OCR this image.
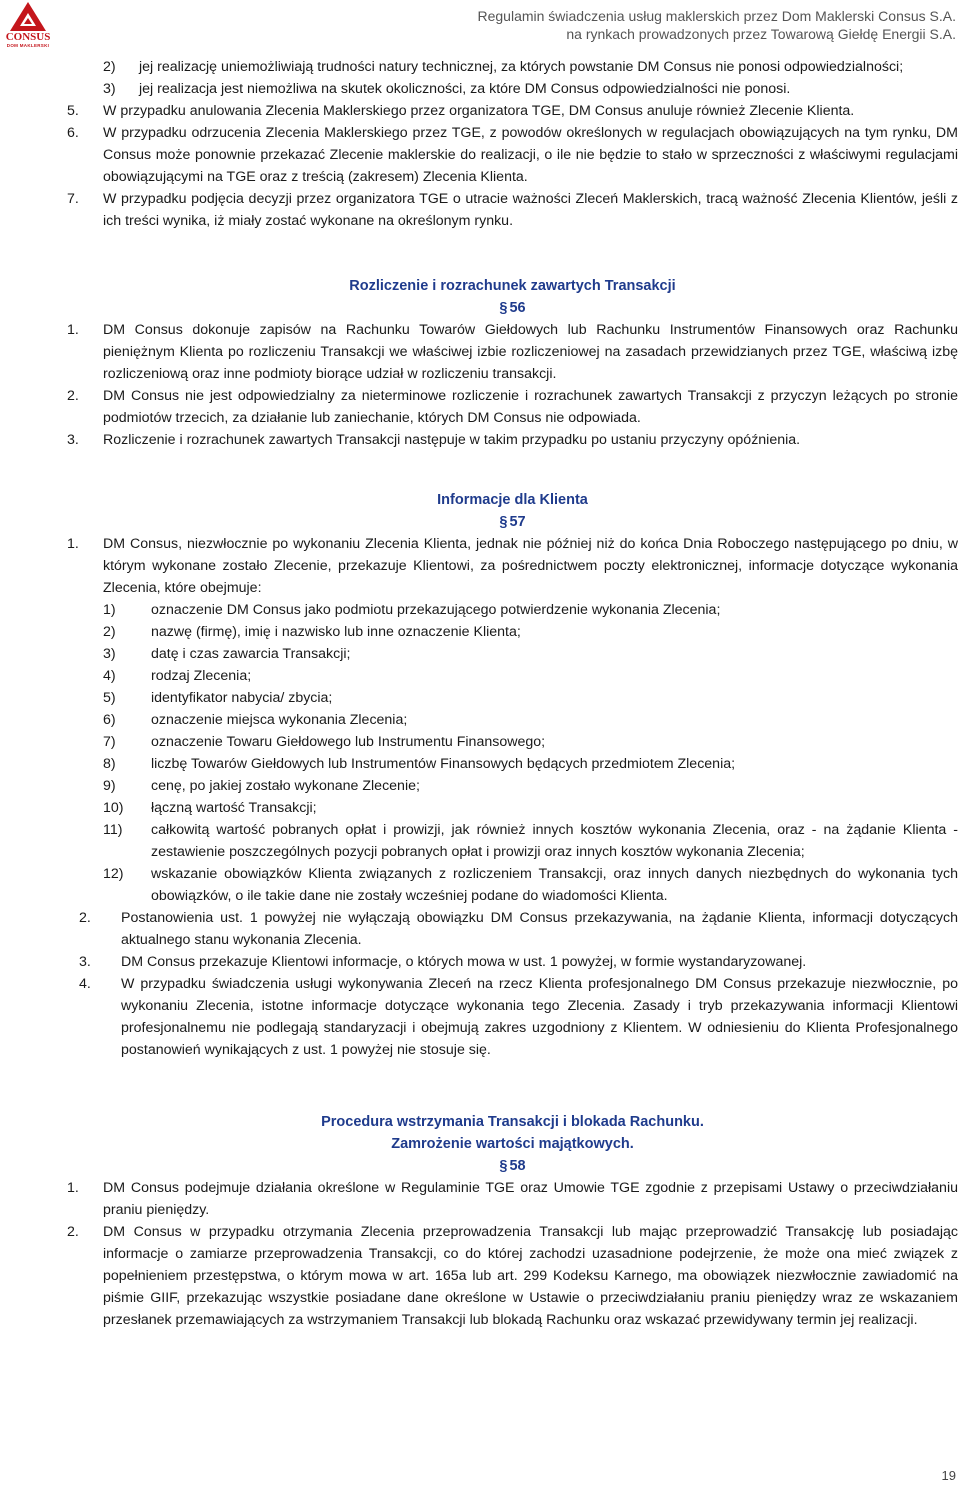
CONSUS
DOM MAKLERSKI
Regulamin świadczenia usług maklerskich przez Dom Maklerski Consus S.A.
na rynkach prowadzonych przez Towarową Giełdę Energii S.A.
2)	jej realizację uniemożliwiają trudności natury technicznej, za których powstanie DM Consus nie ponosi odpowiedzialności;
3)	jej realizacja jest niemożliwa na skutek okoliczności, za które DM Consus odpowiedzialności nie ponosi.
5.	W przypadku anulowania Zlecenia Maklerskiego przez organizatora TGE, DM Consus anuluje również Zlecenie Klienta.
6.	W przypadku odrzucenia Zlecenia Maklerskiego przez TGE, z powodów określonych w regulacjach obowiązujących na tym rynku, DM Consus może ponownie przekazać Zlecenie maklerskie do realizacji, o ile nie będzie to stało w sprzeczności z właściwymi regulacjami obowiązującymi na TGE oraz z treścią (zakresem) Zlecenia Klienta.
7.	W przypadku podjęcia decyzji przez organizatora TGE o utracie ważności Zleceń Maklerskich, tracą ważność Zlecenia Klientów, jeśli z ich treści wynika, iż miały zostać wykonane na określonym rynku.
Rozliczenie i rozrachunek zawartych Transakcji
§ 56
1.	DM Consus dokonuje zapisów na Rachunku Towarów Giełdowych lub Rachunku Instrumentów Finansowych oraz Rachunku pieniężnym Klienta po rozliczeniu Transakcji we właściwej izbie rozliczeniowej na zasadach przewidzianych przez TGE, właściwą izbę rozliczeniową oraz inne podmioty biorące udział w rozliczeniu transakcji.
2.	DM Consus nie jest odpowiedzialny za nieterminowe rozliczenie i rozrachunek zawartych Transakcji z przyczyn leżących po stronie podmiotów trzecich, za działanie lub zaniechanie, których DM Consus nie odpowiada.
3.	Rozliczenie i rozrachunek zawartych Transakcji następuje w takim przypadku po ustaniu przyczyny opóźnienia.
Informacje dla Klienta
§ 57
1.	DM Consus, niezwłocznie po wykonaniu Zlecenia Klienta, jednak nie później niż do końca Dnia Roboczego następującego po dniu, w którym wykonane zostało Zlecenie, przekazuje Klientowi, za pośrednictwem poczty elektronicznej, informacje dotyczące wykonania Zlecenia, które obejmuje:

1)	oznaczenie DM Consus jako podmiotu przekazującego potwierdzenie wykonania Zlecenia;
2)	nazwę (firmę), imię i nazwisko lub inne oznaczenie Klienta;
3)	datę i czas zawarcia Transakcji;
4)	rodzaj Zlecenia;
5)	identyfikator nabycia/ zbycia;
6)	oznaczenie miejsca wykonania Zlecenia;
7)	oznaczenie Towaru Giełdowego lub Instrumentu Finansowego;
8)	liczbę Towarów Giełdowych lub Instrumentów Finansowych będących przedmiotem Zlecenia;
9)	cenę, po jakiej zostało wykonane Zlecenie;
10)	łączną wartość Transakcji;
11)	całkowitą wartość pobranych opłat i prowizji, jak również innych kosztów wykonania Zlecenia, oraz - na żądanie Klienta - zestawienie poszczególnych pozycji pobranych opłat i prowizji oraz innych kosztów wykonania Zlecenia;
12)	wskazanie obowiązków Klienta związanych z rozliczeniem Transakcji, oraz innych danych niezbędnych do wykonania tych obowiązków, o ile takie dane nie zostały wcześniej podane do wiadomości Klienta.
2.	Postanowienia ust. 1 powyżej nie wyłączają obowiązku DM Consus przekazywania, na żądanie Klienta, informacji dotyczących aktualnego stanu wykonania Zlecenia.
3.	DM Consus przekazuje Klientowi informacje, o których mowa w ust. 1 powyżej, w formie wystandaryzowanej.
4.	W przypadku świadczenia usługi wykonywania Zleceń na rzecz Klienta profesjonalnego DM Consus przekazuje niezwłocznie, po wykonaniu Zlecenia, istotne informacje dotyczące wykonania tego Zlecenia. Zasady i tryb przekazywania informacji Klientowi profesjonalnemu nie podlegają standaryzacji i obejmują zakres uzgodniony z Klientem. W odniesieniu do Klienta Profesjonalnego postanowień wynikających z ust. 1 powyżej nie stosuje się.
Procedura wstrzymania Transakcji i blokada Rachunku.
Zamrożenie wartości majątkowych.
§ 58
1.	DM Consus podejmuje działania określone w Regulaminie TGE oraz Umowie TGE zgodnie z przepisami Ustawy o przeciwdziałaniu praniu pieniędzy.
2.	DM Consus w przypadku otrzymania Zlecenia przeprowadzenia Transakcji lub mając przeprowadzić Transakcję lub posiadając informacje o zamiarze przeprowadzenia Transakcji, co do której zachodzi uzasadnione podejrzenie, że może ona mieć związek z popełnieniem przestępstwa, o którym mowa w art. 165a lub art. 299 Kodeksu Karnego, ma obowiązek niezwłocznie zawiadomić na piśmie GIIF, przekazując wszystkie posiadane dane określone w Ustawie o przeciwdziałaniu praniu pieniędzy wraz ze wskazaniem przesłanek przemawiających za wstrzymaniem Transakcji lub blokadą Rachunku oraz wskazać przewidywany termin jej realizacji.
19
